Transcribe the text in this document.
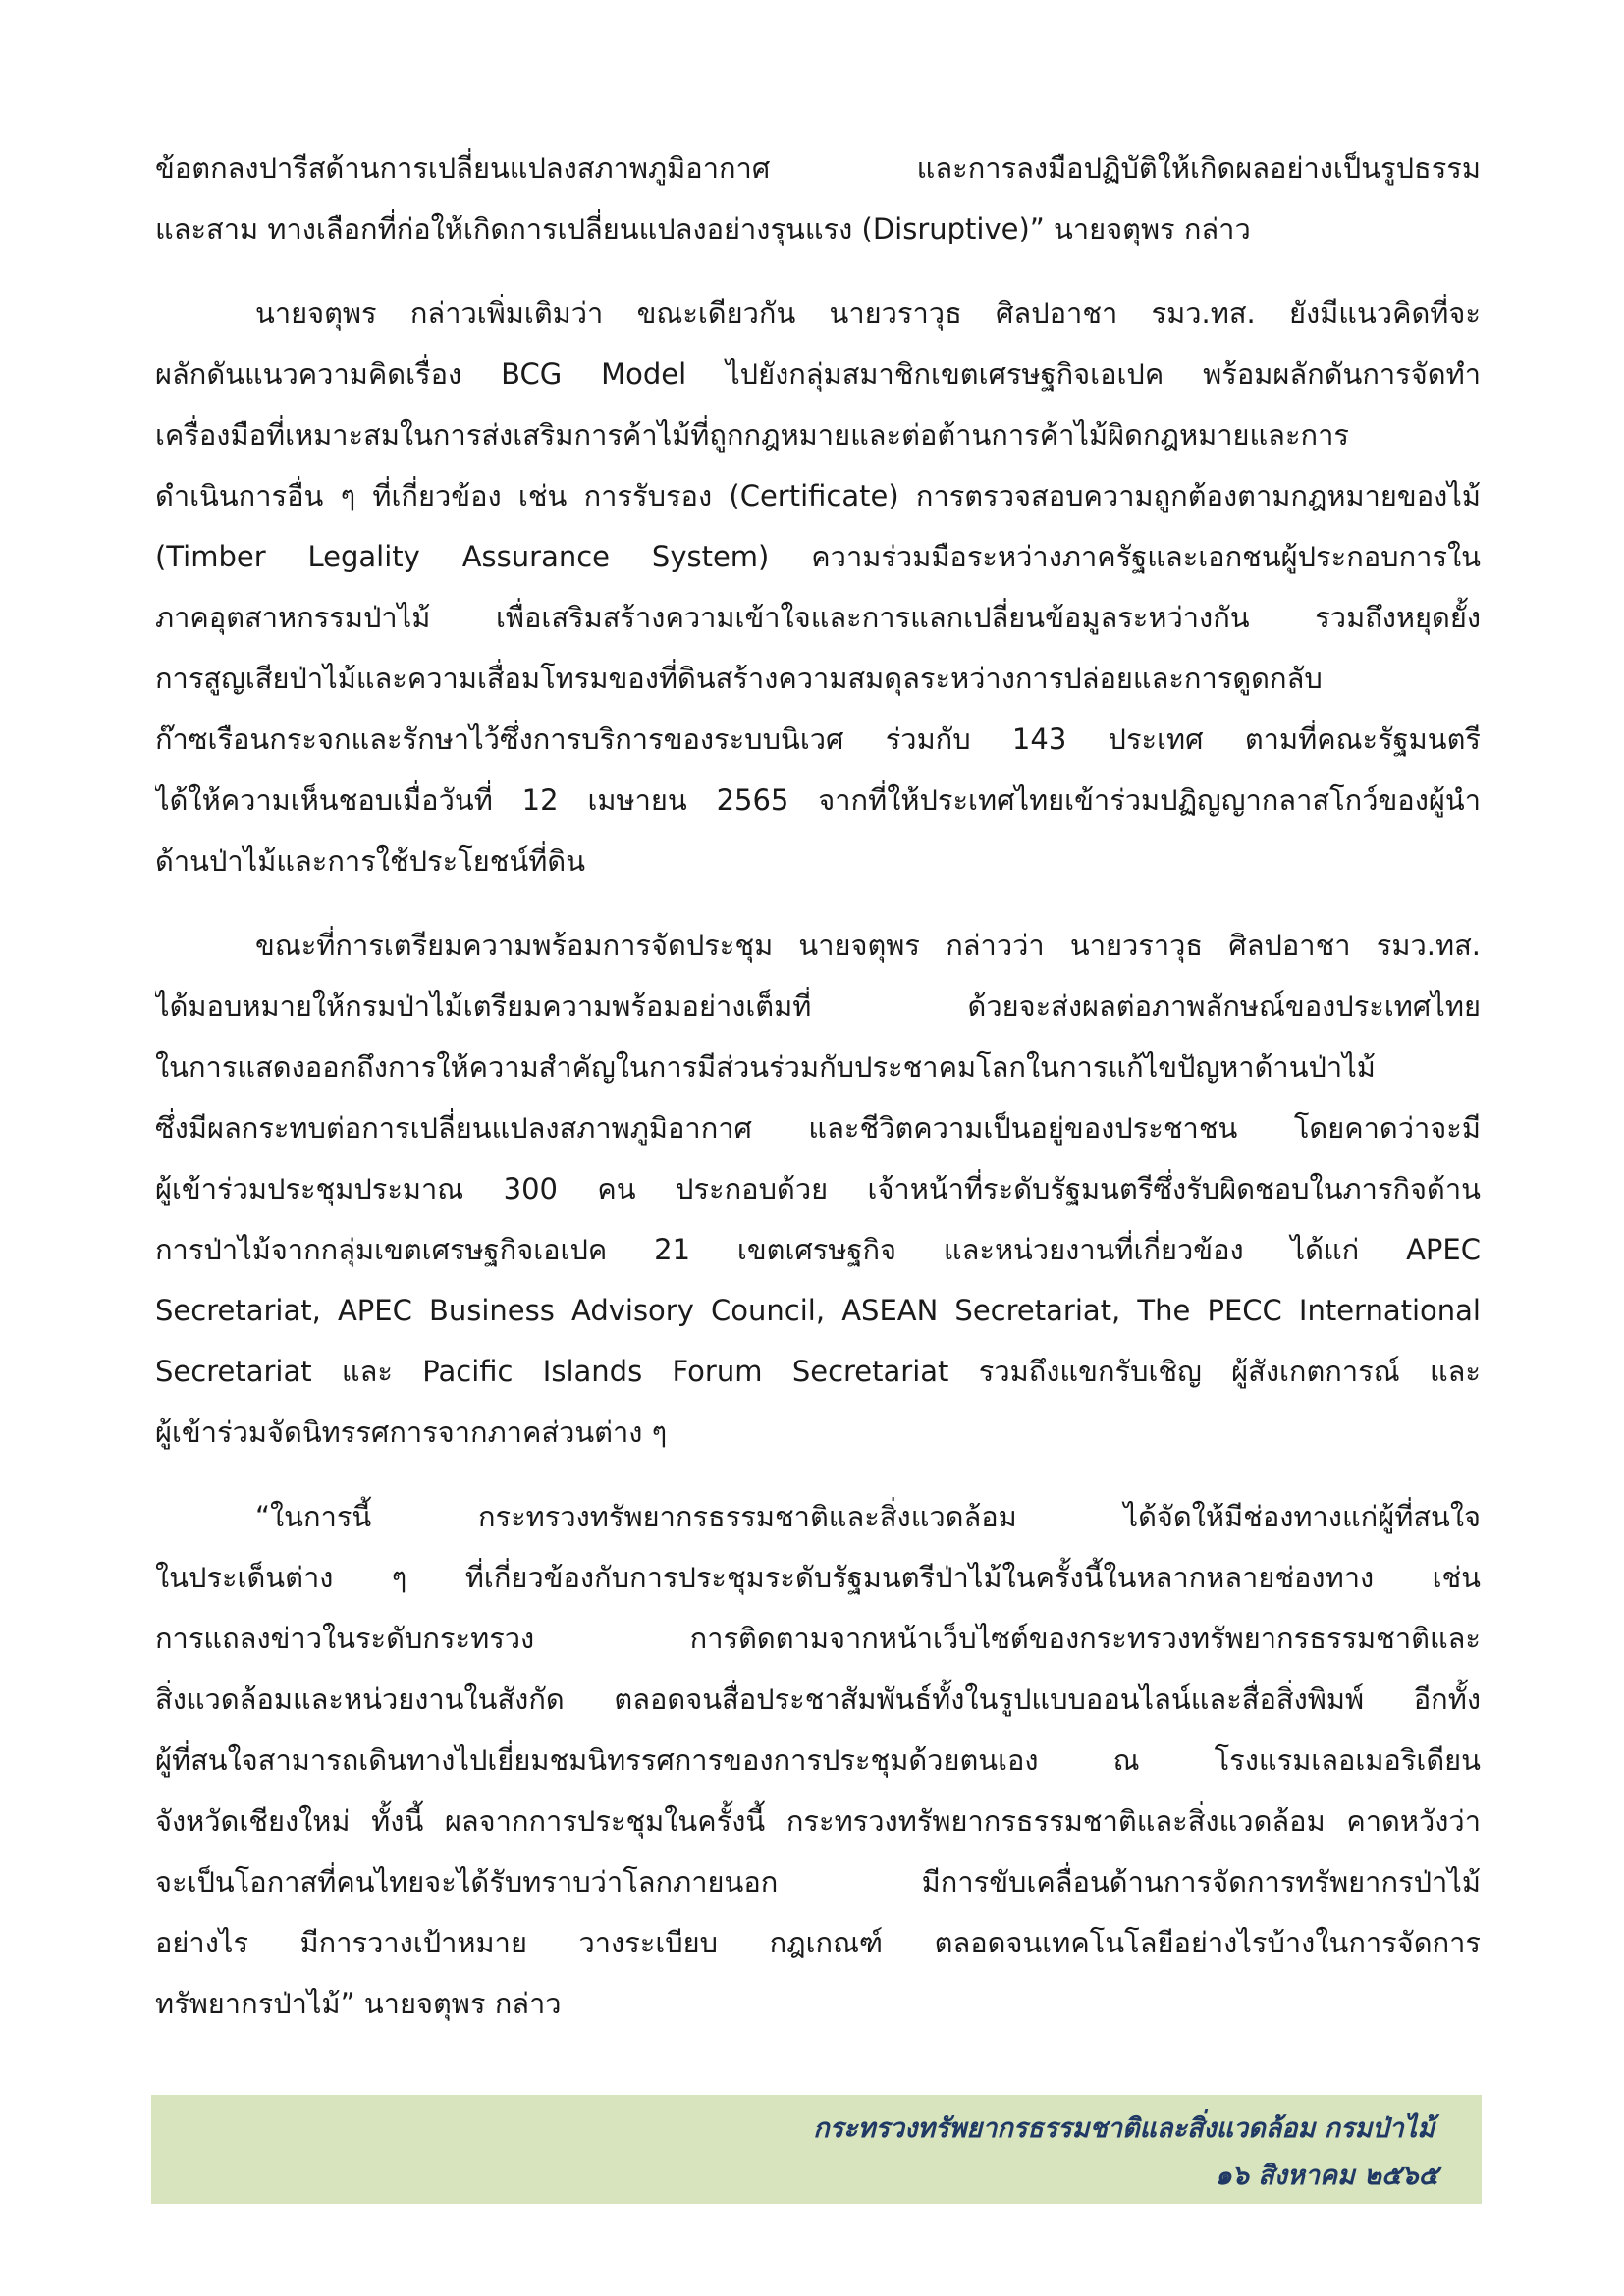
ข้อตกลงปารีสด้านการเปลี่ยนแปลงสภาพภูมิอากาศ และการลงมือปฏิบัติให้เกิดผลอย่างเป็นรูปธรรม
และสาม ทางเลือกที่ก่อให้เกิดการเปลี่ยนแปลงอย่างรุนแรง (Disruptive)” นายจตุพร กล่าว
นายจตุพร กล่าวเพิ่มเติมว่า ขณะเดียวกัน นายวราวุธ ศิลปอาชา รมว.ทส. ยังมีแนวคิดที่จะ
ผลักดันแนวความคิดเรื่อง BCG Model ไปยังกลุ่มสมาชิกเขตเศรษฐกิจเอเปค พร้อมผลักดันการจัดทำ
เครื่องมือที่เหมาะสมในการส่งเสริมการค้าไม้ที่ถูกกฎหมายและต่อต้านการค้าไม้ผิดกฎหมายและการ
ดำเนินการอื่น ๆ ที่เกี่ยวข้อง เช่น การรับรอง (Certificate) การตรวจสอบความถูกต้องตามกฎหมายของไม้
(Timber Legality Assurance System) ความร่วมมือระหว่างภาครัฐและเอกชนผู้ประกอบการใน
ภาคอุตสาหกรรมป่าไม้ เพื่อเสริมสร้างความเข้าใจและการแลกเปลี่ยนข้อมูลระหว่างกัน รวมถึงหยุดยั้ง
การสูญเสียป่าไม้และความเสื่อมโทรมของที่ดินสร้างความสมดุลระหว่างการปล่อยและการดูดกลับ
ก๊าซเรือนกระจกและรักษาไว้ซึ่งการบริการของระบบนิเวศ ร่วมกับ 143 ประเทศ ตามที่คณะรัฐมนตรี
ได้ให้ความเห็นชอบเมื่อวันที่ 12 เมษายน 2565 จากที่ให้ประเทศไทยเข้าร่วมปฏิญญากลาสโกว์ของผู้นำ
ด้านป่าไม้และการใช้ประโยชน์ที่ดิน
ขณะที่การเตรียมความพร้อมการจัดประชุม นายจตุพร กล่าวว่า นายวราวุธ ศิลปอาชา รมว.ทส.
ได้มอบหมายให้กรมป่าไม้เตรียมความพร้อมอย่างเต็มที่ ด้วยจะส่งผลต่อภาพลักษณ์ของประเทศไทย
ในการแสดงออกถึงการให้ความสำคัญในการมีส่วนร่วมกับประชาคมโลกในการแก้ไขปัญหาด้านป่าไม้
ซึ่งมีผลกระทบต่อการเปลี่ยนแปลงสภาพภูมิอากาศ และชีวิตความเป็นอยู่ของประชาชน โดยคาดว่าจะมี
ผู้เข้าร่วมประชุมประมาณ 300 คน ประกอบด้วย เจ้าหน้าที่ระดับรัฐมนตรีซึ่งรับผิดชอบในภารกิจด้าน
การป่าไม้จากกลุ่มเขตเศรษฐกิจเอเปค 21 เขตเศรษฐกิจ และหน่วยงานที่เกี่ยวข้อง ได้แก่ APEC
Secretariat, APEC Business Advisory Council, ASEAN Secretariat, The PECC International
Secretariat และ Pacific Islands Forum Secretariat รวมถึงแขกรับเชิญ ผู้สังเกตการณ์ และ
ผู้เข้าร่วมจัดนิทรรศการจากภาคส่วนต่าง ๆ
“ในการนี้ กระทรวงทรัพยากรธรรมชาติและสิ่งแวดล้อม ได้จัดให้มีช่องทางแก่ผู้ที่สนใจ
ในประเด็นต่าง ๆ ที่เกี่ยวข้องกับการประชุมระดับรัฐมนตรีป่าไม้ในครั้งนี้ในหลากหลายช่องทาง เช่น
การแถลงข่าวในระดับกระทรวง การติดตามจากหน้าเว็บไซต์ของกระทรวงทรัพยากรธรรมชาติและ
สิ่งแวดล้อมและหน่วยงานในสังกัด ตลอดจนสื่อประชาสัมพันธ์ทั้งในรูปแบบออนไลน์และสื่อสิ่งพิมพ์ อีกทั้ง
ผู้ที่สนใจสามารถเดินทางไปเยี่ยมชมนิทรรศการของการประชุมด้วยตนเอง ณ โรงแรมเลอเมอริเดียน
จังหวัดเชียงใหม่ ทั้งนี้ ผลจากการประชุมในครั้งนี้ กระทรวงทรัพยากรธรรมชาติและสิ่งแวดล้อม คาดหวังว่า
จะเป็นโอกาสที่คนไทยจะได้รับทราบว่าโลกภายนอก มีการขับเคลื่อนด้านการจัดการทรัพยากรป่าไม้
อย่างไร มีการวางเป้าหมาย วางระเบียบ กฎเกณฑ์ ตลอดจนเทคโนโลยีอย่างไรบ้างในการจัดการ
ทรัพยากรป่าไม้” นายจตุพร กล่าว
กระทรวงทรัพยากรธรรมชาติและสิ่งแวดล้อม กรมป่าไม้
๑๖ สิงหาคม ๒๕๖๕
